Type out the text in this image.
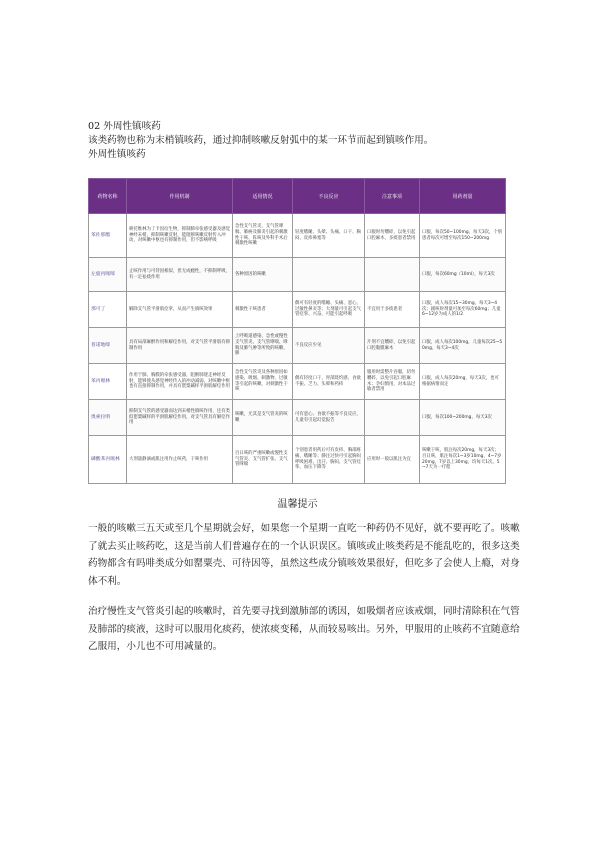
02 外周性镇咳药
该类药物也称为末梢镇咳药，通过抑制咳嗽反射弧中的某一环节而起到镇咳作用。
外周性镇咳药
药物名称	作用机制	适用情况	不良反应	注意事项	用药剂量
苯佐那酯	喷托维林为丁卡因衍生物，抑制肺牵张感受器及感觉神经末梢，抑制咳嗽反射，能阻断咳嗽反射传入冲动，对咳嗽中枢也有抑制作用，但不影响呼吸	急性支气管炎、支气管哮喘、肺癌及肺炎引起的刺激性干咳、阵咳及外科手术后刺激性咳嗽	轻度嗜睡、头晕、头痛、口干、胸闷、皮疹鼻塞等	口服时勿嚼碎，以免引起口腔麻木，多痰患者禁用	口服，每次50~100mg，每天3次，个别患者每次可增至每次150~200mg
左旋丙哌嗪	止咳作用与可待因相似，但无成瘾性，不抑制呼吸，有一定祛痰作用	各种原因的咳嗽			口服，每次60mg（10ml），每天3次
那可丁	解除支气管平滑肌痉挛，从而产生镇咳效果	刺激性干咳患者	偶可有轻度的嗜睡、头痛、恶心，过敏性鼻炎等；大剂量可引起支气管痉挛、兴奋，可能引起呼吸	不宜用于多痰患者	口服，成人每次15~30mg，每天3~4次；剧咳时剂量可加至每次60mg；儿童6~12岁为成人的1/2
普诺地嗪	具有局部麻醉作用和解痉作用，对支气管平滑肌有抑制作用	上呼吸道感染、急性或慢性支气管炎、支气管哮喘、哮喘及肺气肿等所致的咳嗽、肺	不良反应少见	片剂不宜嚼碎，以免引起口腔黏膜麻木	口服，成人每次100mg，儿童每次25~50mg，每天3~4次
苯丙哌林	作用于肺、胸膜的牵张感受器，阻断肺迷走神经反射，能够使从感觉神经传入的冲动减弱，对咳嗽中枢也有直接抑制作用，并具有罂粟碱样平滑肌解痉作用	急性支气管炎及各种原因如感染、吸烟、刺激物、过敏等引起的咳嗽，对刺激性干咳	偶有轻度口干、胃部烧灼感、食欲不振、乏力、头晕和药疹	服用时需整片吞服，切勿嚼碎，以免引起口腔麻木；孕妇慎用，对本品过敏者禁用	口服，成人每次20mg，每天3次，也可根据病情而定
奥索拉明	抑制支气管的感受器而达到末梢性镇咳作用，还有类似罂粟碱样的平滑肌解痉作用，对支气管具有解痉作用	咳嗽，尤其是支气管炎的咳嗽	可有恶心、食欲不振等不良反应，儿童有引起幻觉报告		口服，每次100~200mg，每天3次
磷酸苯丙哌林	大剂量静滴或肌注用作止咳药，干咳作用	百日咳的严重咳嗽或慢性支气管炎、支气管扩张、支气管哮喘	个别患者用药后可有皮疹、胸部疼痛、嗜睡等；静注过快可引起胸闷呼吸困难、出汗、胸闷、支气管痉挛、血压下降等	应用时一般以肌注为宜	咳嗽干咳，肌注每次20mg，每天3次；百日咳，肌注每次1~3岁10mg，4~7岁20mg，7岁以上30mg，均每天1次，5~7天为一疗程
温馨提示
一般的咳嗽三五天或至几个星期就会好，如果您一个星期一直吃一种药仍不见好，就不要再吃了。咳嗽了就去买止咳药吃，这是当前人们普遍存在的一个认识误区。镇咳或止咳类药是不能乱吃的，很多这类药物都含有吗啡类成分如罂粟壳、可待因等，虽然这些成分镇咳效果很好，但吃多了会使人上瘾，对身体不利。
治疗慢性支气管炎引起的咳嗽时，首先要寻找到激肺部的诱因，如吸烟者应该戒烟，同时清除积在气管及肺部的痰液，这时可以服用化痰药，使浓痰变稀，从而较易咳出。另外，甲服用的止咳药不宜随意给乙服用，小儿也不可用减量的。
